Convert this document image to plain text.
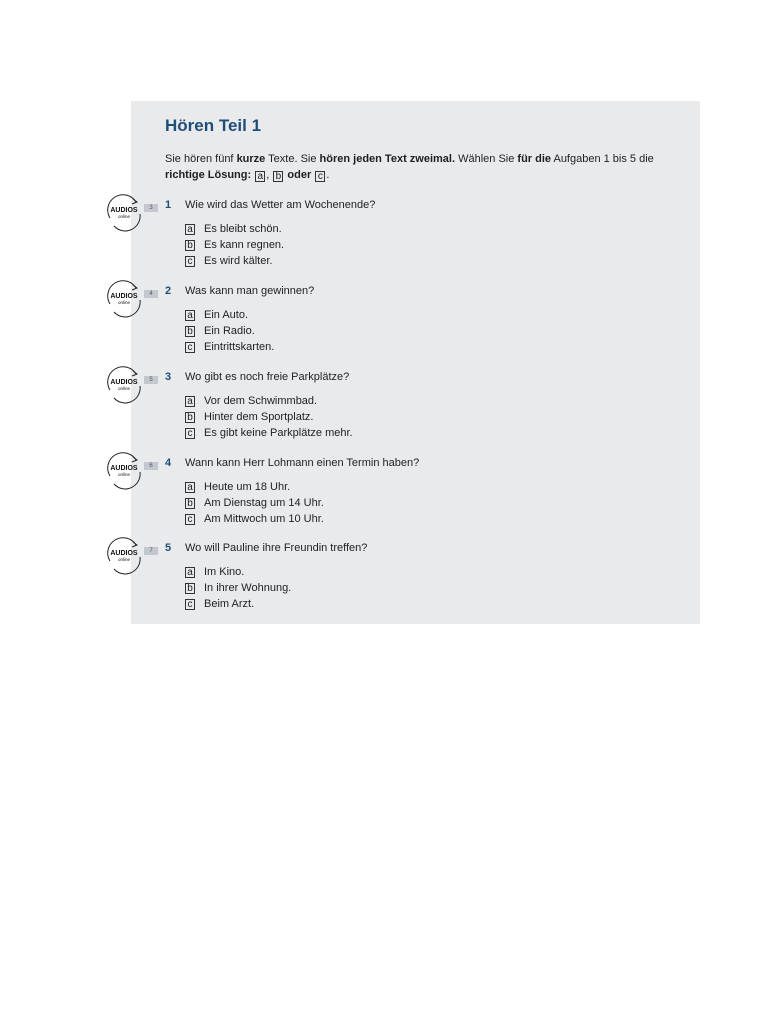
Hören Teil 1
Sie hören fünf kurze Texte. Sie hören jeden Text zweimal. Wählen Sie für die Aufgaben 1 bis 5 die richtige Lösung: a , b oder c .
AUDIOS
online
3	1 Wie wird das Wetter am Wochenende?
a Es bleibt schön.
b Es kann regnen.
c Es wird kälter.
AUDIOS
online
4	2 Was kann man gewinnen?
a Ein Auto.
b Ein Radio.
c Eintrittskarten.
AUDIOS
online
5	3 Wo gibt es noch freie Parkplätze?
a Vor dem Schwimmbad.
b Hinter dem Sportplatz.
c Es gibt keine Parkplätze mehr.
AUDIOS
online
6	4 Wann kann Herr Lohmann einen Termin haben?
a Heute um 18 Uhr.
b Am Dienstag um 14 Uhr.
c Am Mittwoch um 10 Uhr.
AUDIOS
online
7	5 Wo will Pauline ihre Freundin treffen?
a Im Kino.
b In ihrer Wohnung.
c Beim Arzt.
